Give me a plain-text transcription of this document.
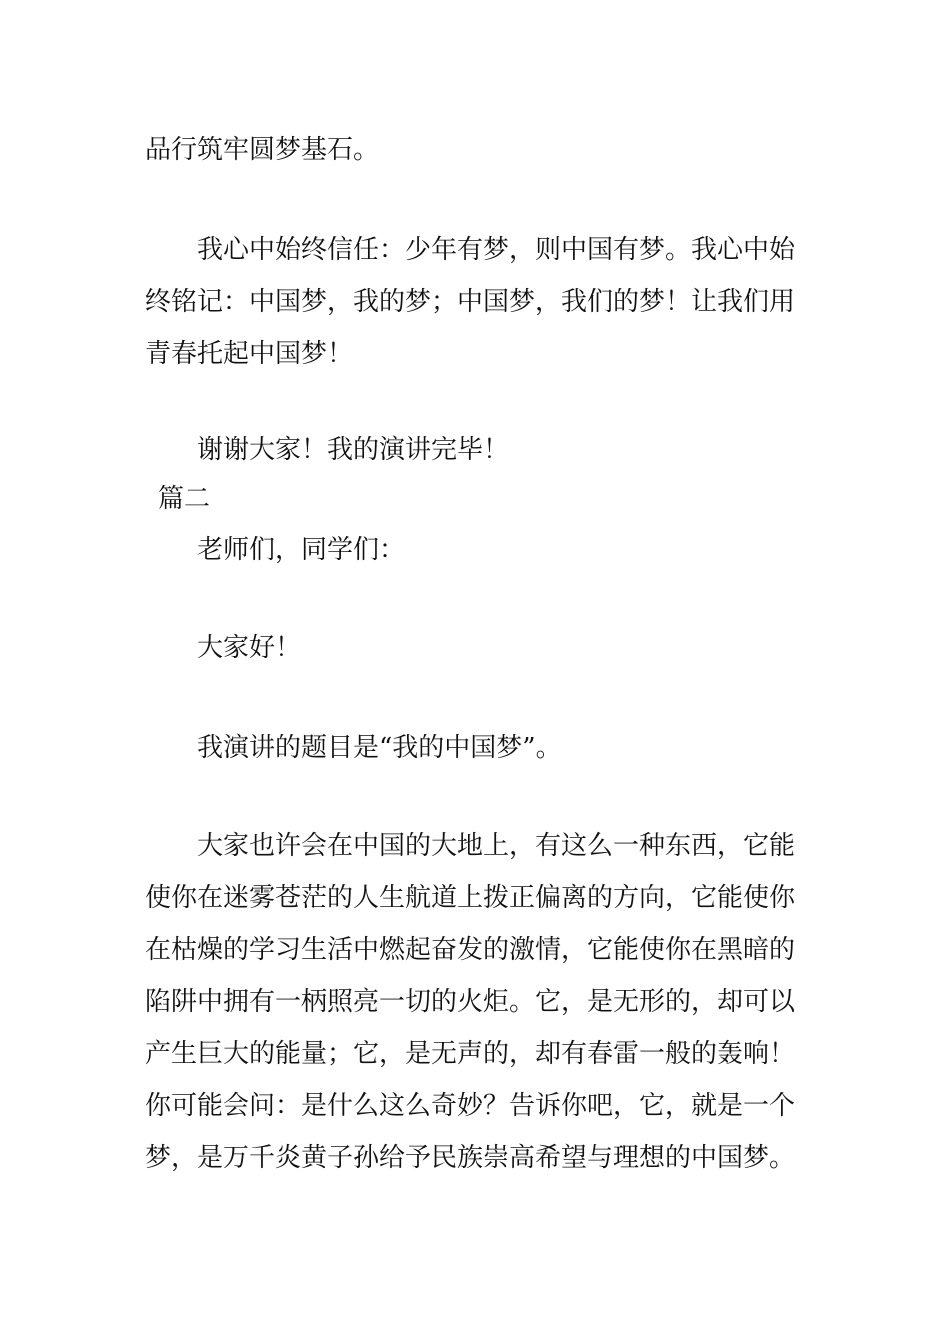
品行筑牢圆梦基石。

我心中始终信任：少年有梦，则中国有梦。我心中始终铭记：中国梦，我的梦；中国梦，我们的梦！让我们用青春托起中国梦！

谢谢大家！我的演讲完毕！

篇二

老师们，同学们：

大家好！

我演讲的题目是“我的中国梦”。

大家也许会在中国的大地上，有这么一种东西，它能使你在迷雾苍茫的人生航道上拨正偏离的方向，它能使你在枯燥的学习生活中燃起奋发的激情，它能使你在黑暗的陷阱中拥有一柄照亮一切的火炬。它，是无形的，却可以产生巨大的能量；它，是无声的，却有春雷一般的轰响！你可能会问：是什么这么奇妙？告诉你吧，它，就是一个梦，是万千炎黄子孙给予民族崇高希望与理想的中国梦。
